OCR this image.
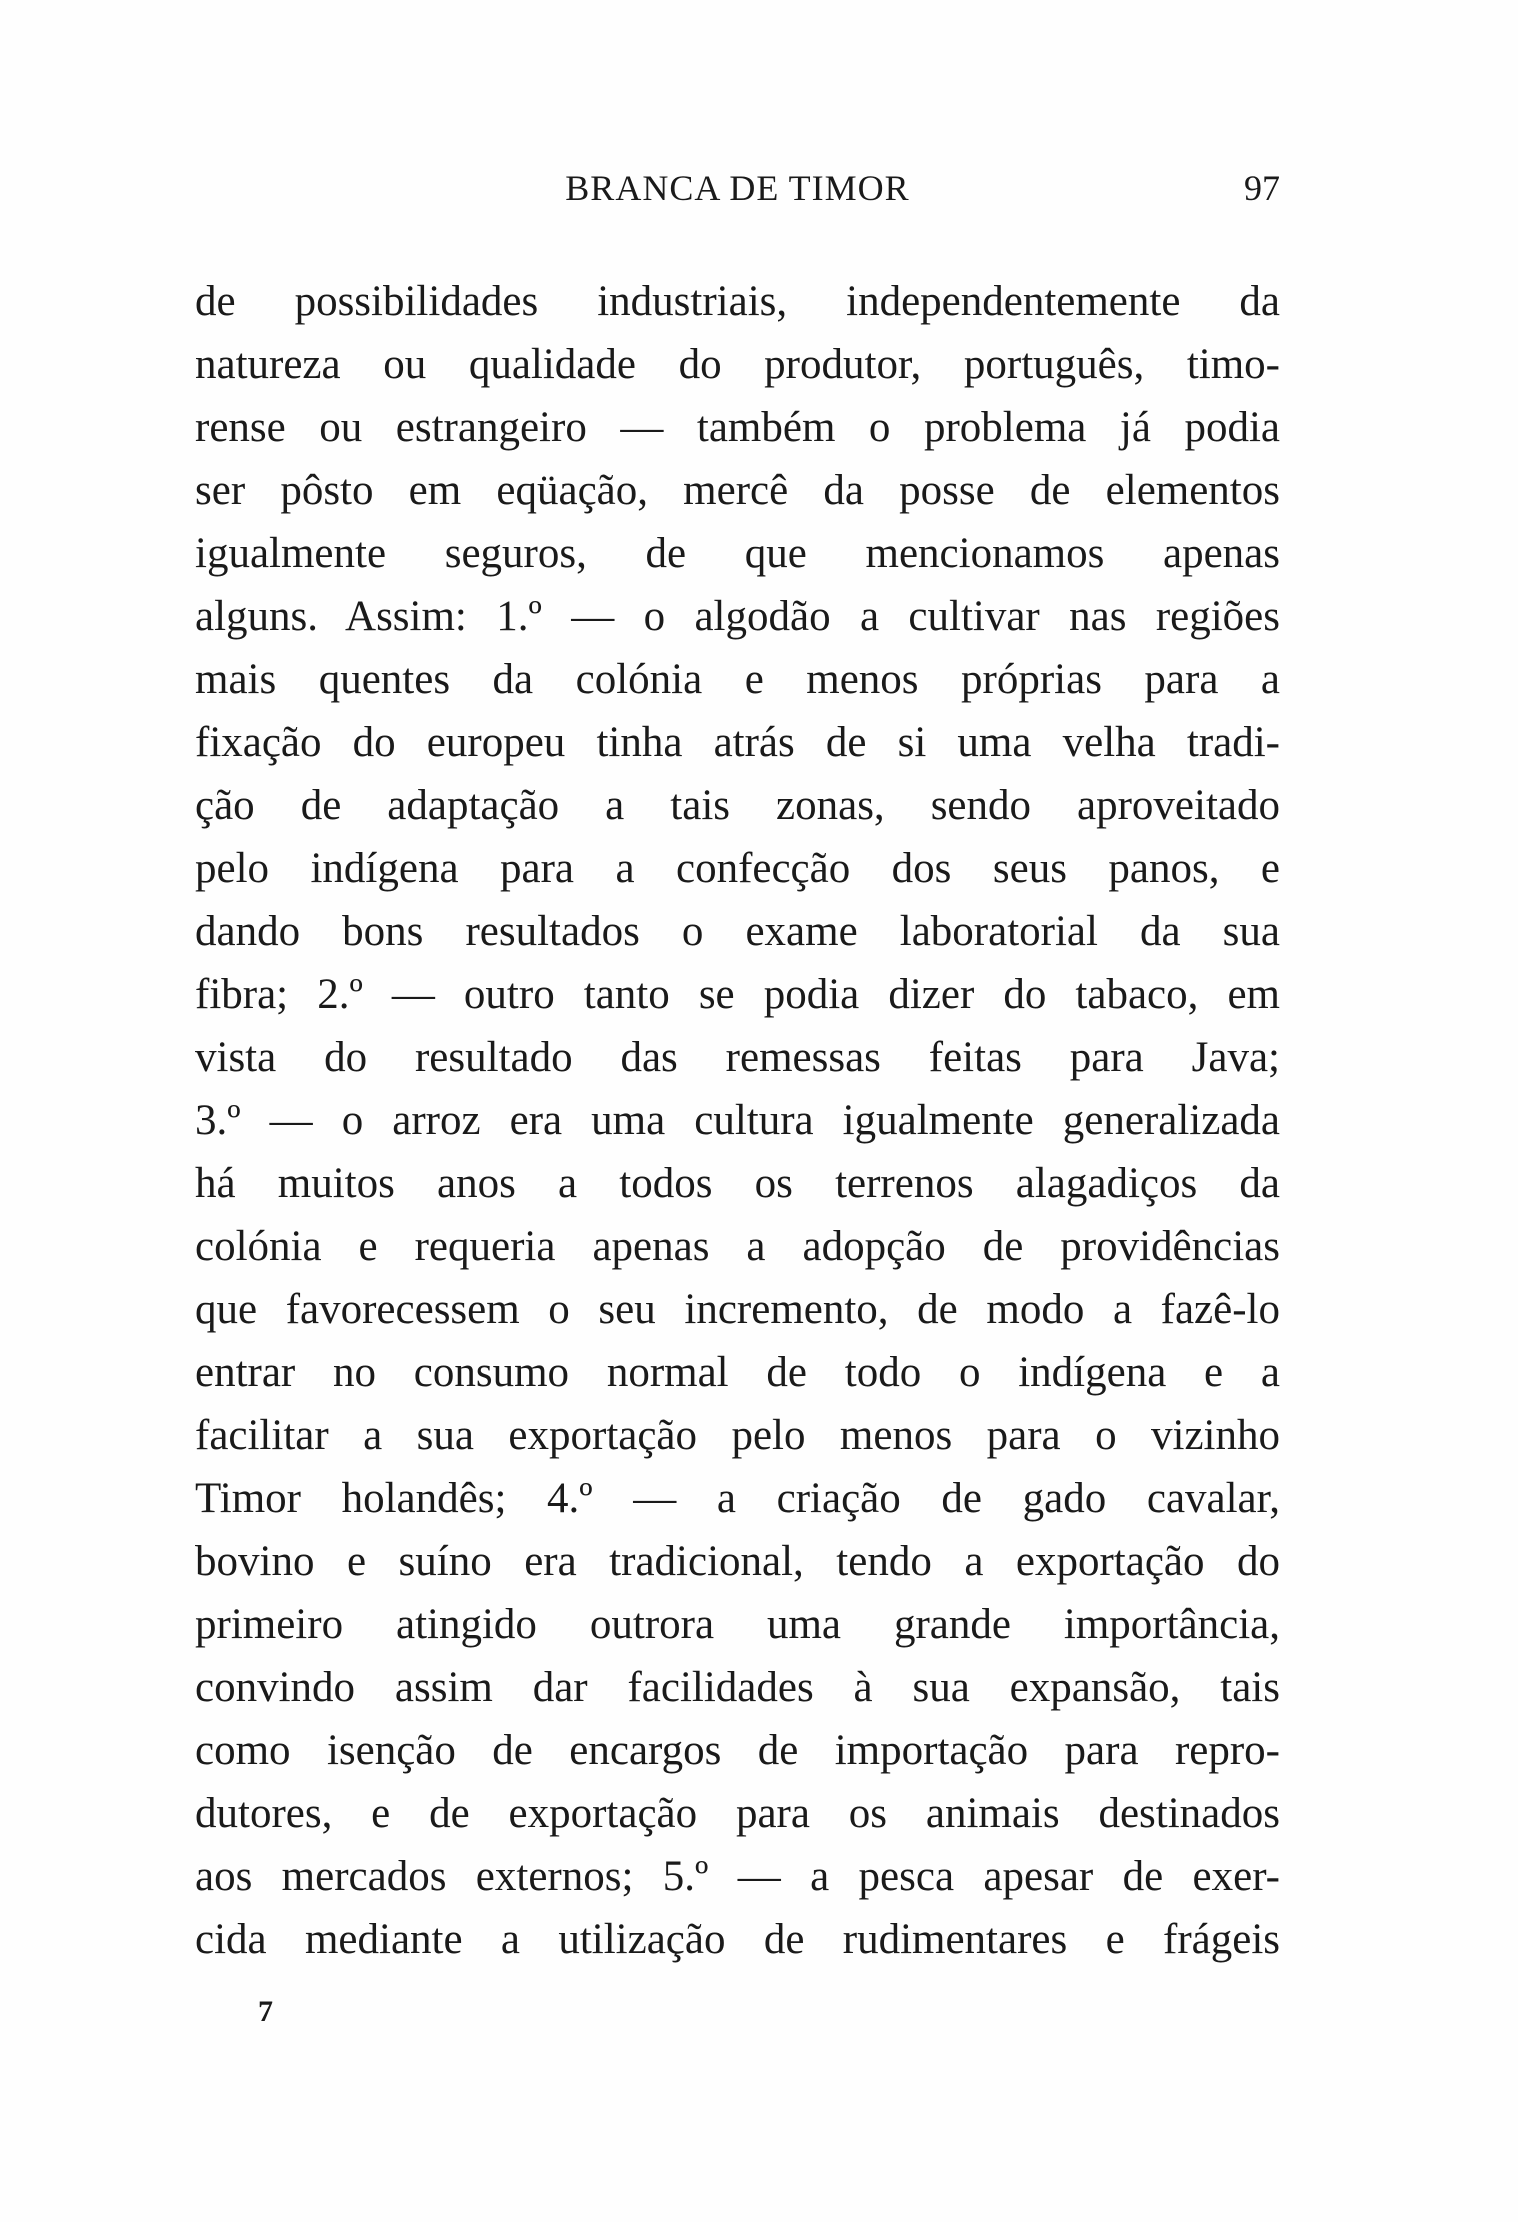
BRANCA DE TIMOR	97
de possibilidades industriais, independentemente da
natureza ou qualidade do produtor, português, timo-
rense ou estrangeiro — também o problema já podia
ser pôsto em eqüação, mercê da posse de elementos
igualmente seguros, de que mencionamos apenas
alguns. Assim: 1.º — o algodão a cultivar nas regiões
mais quentes da colónia e menos próprias para a
fixação do europeu tinha atrás de si uma velha tradi-
ção de adaptação a tais zonas, sendo aproveitado
pelo indígena para a confecção dos seus panos, e
dando bons resultados o exame laboratorial da sua
fibra; 2.º — outro tanto se podia dizer do tabaco, em
vista do resultado das remessas feitas para Java;
3.º — o arroz era uma cultura igualmente generalizada
há muitos anos a todos os terrenos alagadiços da
colónia e requeria apenas a adopção de providências
que favorecessem o seu incremento, de modo a fazê-lo
entrar no consumo normal de todo o indígena e a
facilitar a sua exportação pelo menos para o vizinho
Timor holandês; 4.º — a criação de gado cavalar,
bovino e suíno era tradicional, tendo a exportação do
primeiro atingido outrora uma grande importância,
convindo assim dar facilidades à sua expansão, tais
como isenção de encargos de importação para repro-
dutores, e de exportação para os animais destinados
aos mercados externos; 5.º — a pesca apesar de exer-
cida mediante a utilização de rudimentares e frágeis
7
